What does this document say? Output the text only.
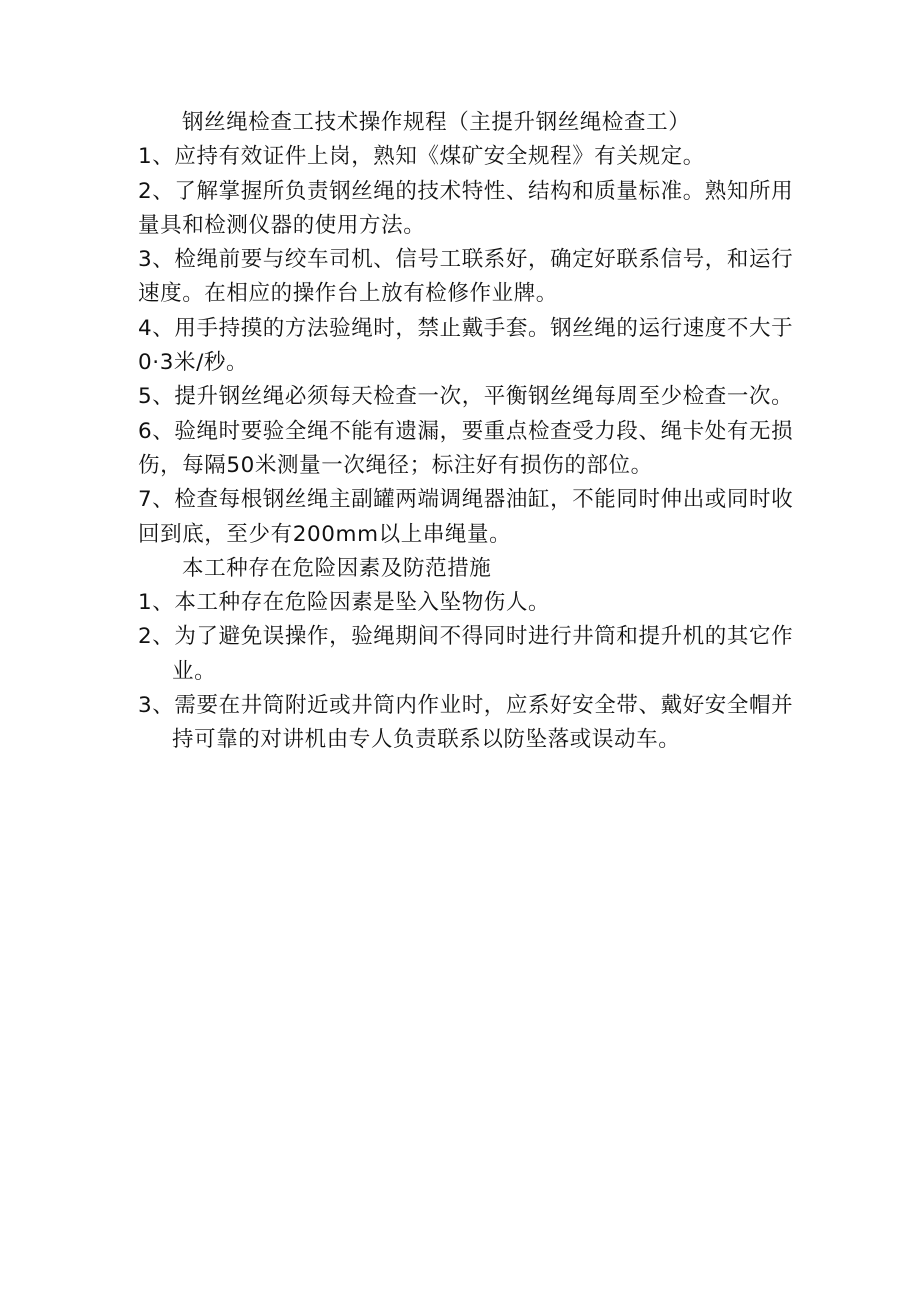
钢丝绳检查工技术操作规程（主提升钢丝绳检查工）
1、应持有效证件上岗，熟知《煤矿安全规程》有关规定。
2、了解掌握所负责钢丝绳的技术特性、结构和质量标准。熟知所用量具和检测仪器的使用方法。
3、检绳前要与绞车司机、信号工联系好，确定好联系信号，和运行速度。在相应的操作台上放有检修作业牌。
4、用手持摸的方法验绳时，禁止戴手套。钢丝绳的运行速度不大于0·3米/秒。
5、提升钢丝绳必须每天检查一次，平衡钢丝绳每周至少检查一次。
6、验绳时要验全绳不能有遗漏，要重点检查受力段、绳卡处有无损伤，每隔50米测量一次绳径；标注好有损伤的部位。
7、检查每根钢丝绳主副罐两端调绳器油缸，不能同时伸出或同时收回到底，至少有200mm以上串绳量。
本工种存在危险因素及防范措施
1、本工种存在危险因素是坠入坠物伤人。
2、为了避免误操作，验绳期间不得同时进行井筒和提升机的其它作业。
3、需要在井筒附近或井筒内作业时，应系好安全带、戴好安全帽并持可靠的对讲机由专人负责联系以防坠落或误动车。
